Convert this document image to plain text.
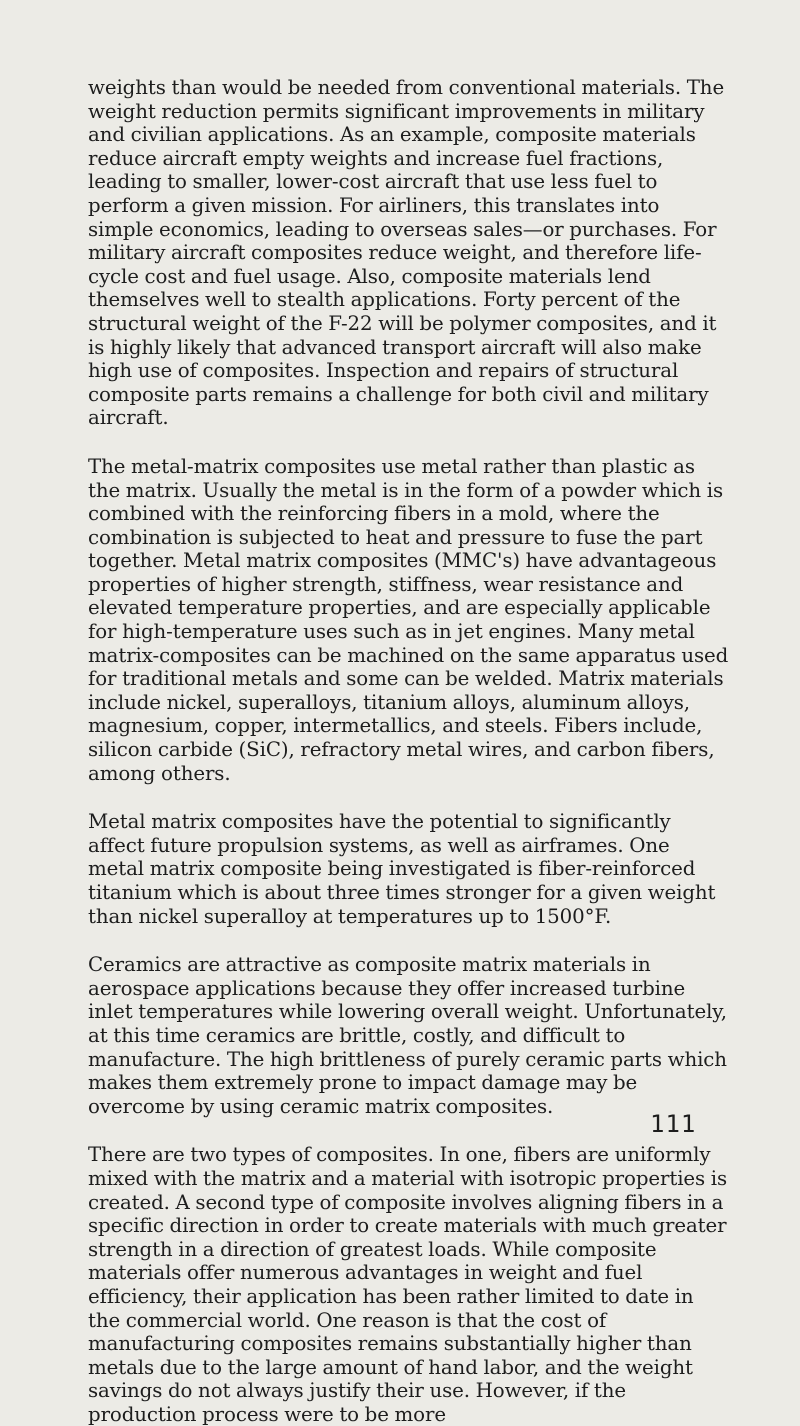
weights than would be needed from conventional materials. The weight reduction permits significant improvements in military and civilian applications. As an example, composite materials reduce aircraft empty weights and increase fuel fractions, leading to smaller, lower-cost aircraft that use less fuel to perform a given mission. For airliners, this translates into simple economics, leading to overseas sales—or purchases. For military aircraft composites reduce weight, and therefore life-cycle cost and fuel usage. Also, composite materials lend themselves well to stealth applications. Forty percent of the structural weight of the F-22 will be polymer composites, and it is highly likely that advanced transport aircraft will also make high use of composites. Inspection and repairs of structural composite parts remains a challenge for both civil and military aircraft.

The metal-matrix composites use metal rather than plastic as the matrix. Usually the metal is in the form of a powder which is combined with the reinforcing fibers in a mold, where the combination is subjected to heat and pressure to fuse the part together. Metal matrix composites (MMC's) have advantageous properties of higher strength, stiffness, wear resistance and elevated temperature properties, and are especially applicable for high-temperature uses such as in jet engines. Many metal matrix-composites can be machined on the same apparatus used for traditional metals and some can be welded. Matrix materials include nickel, superalloys, titanium alloys, aluminum alloys, magnesium, copper, intermetallics, and steels. Fibers include, silicon carbide (SiC), refractory metal wires, and carbon fibers, among others.

Metal matrix composites have the potential to significantly affect future propulsion systems, as well as airframes. One metal matrix composite being investigated is fiber-reinforced titanium which is about three times stronger for a given weight than nickel superalloy at temperatures up to 1500°F.

Ceramics are attractive as composite matrix materials in aerospace applications because they offer increased turbine inlet temperatures while lowering overall weight. Unfortunately, at this time ceramics are brittle, costly, and difficult to manufacture. The high brittleness of purely ceramic parts which makes them extremely prone to impact damage may be overcome by using ceramic matrix composites.

There are two types of composites. In one, fibers are uniformly mixed with the matrix and a material with isotropic properties is created. A second type of composite involves aligning fibers in a specific direction in order to create materials with much greater strength in a direction of greatest loads. While composite materials offer numerous advantages in weight and fuel efficiency, their application has been rather limited to date in the commercial world. One reason is that the cost of manufacturing composites remains substantially higher than metals due to the large amount of hand labor, and the weight savings do not always justify their use. However, if the production process were to be more

111
